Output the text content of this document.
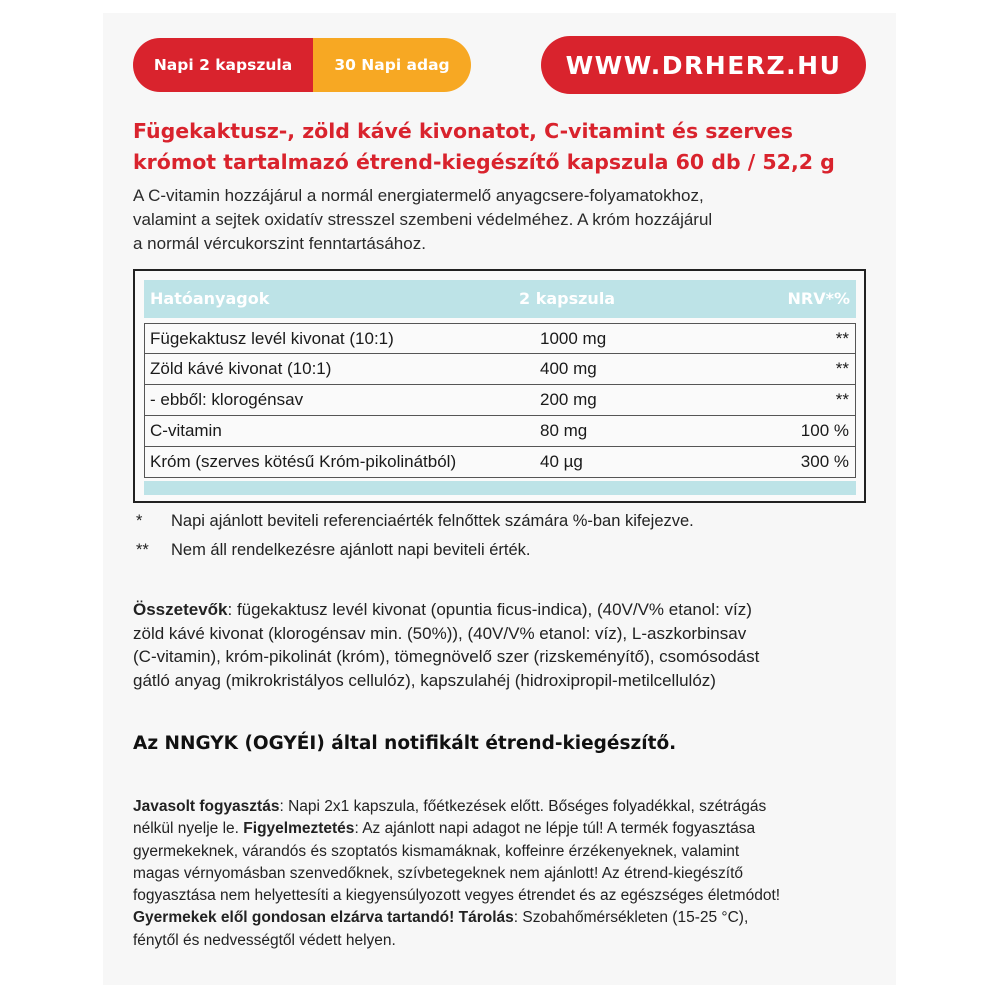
Napi 2 kapszula	30 Napi adag	WWW.DRHERZ.HU

Fügekaktusz-, zöld kávé kivonatot, C-vitamint és szerves
krómot tartalmazó étrend-kiegészítő kapszula 60 db / 52,2 g

A C-vitamin hozzájárul a normál energiatermelő anyagcsere-folyamatokhoz,
valamint a sejtek oxidatív stresszel szembeni védelméhez. A króm hozzájárul
a normál vércukorszint fenntartásához.

Hatóanyagok	2 kapszula	NRV*%
Fügekaktusz levél kivonat (10:1)	1000 mg	**
Zöld kávé kivonat (10:1)	400 mg	**
- ebből: klorogénsav	200 mg	**
C-vitamin	80 mg	100 %
Króm (szerves kötésű Króm-pikolinátból)	40 µg	300 %
* Napi ajánlott beviteli referenciaérték felnőttek számára %-ban kifejezve.
** Nem áll rendelkezésre ajánlott napi beviteli érték.

Összetevők: fügekaktusz levél kivonat (opuntia ficus-indica), (40V/V% etanol: víz)
zöld kávé kivonat (klorogénsav min. (50%)), (40V/V% etanol: víz), L-aszkorbinsav
(C-vitamin), króm-pikolinát (króm), tömegnövelő szer (rizskeményítő), csomósodást
gátló anyag (mikrokristályos cellulóz), kapszulahéj (hidroxipropil-metilcellulóz)

Az NNGYK (OGYÉI) által notifikált étrend-kiegészítő.

Javasolt fogyasztás: Napi 2x1 kapszula, főétkezések előtt. Bőséges folyadékkal, szétrágás
nélkül nyelje le. Figyelmeztetés: Az ajánlott napi adagot ne lépje túl! A termék fogyasztása
gyermekeknek, várandós és szoptatós kismamáknak, koffeinre érzékenyeknek, valamint
magas vérnyomásban szenvedőknek, szívbetegeknek nem ajánlott! Az étrend-kiegészítő
fogyasztása nem helyettesíti a kiegyensúlyozott vegyes étrendet és az egészséges életmódot!
Gyermekek elől gondosan elzárva tartandó! Tárolás: Szobahőmérsékleten (15-25 °C),
fénytől és nedvességtől védett helyen.
